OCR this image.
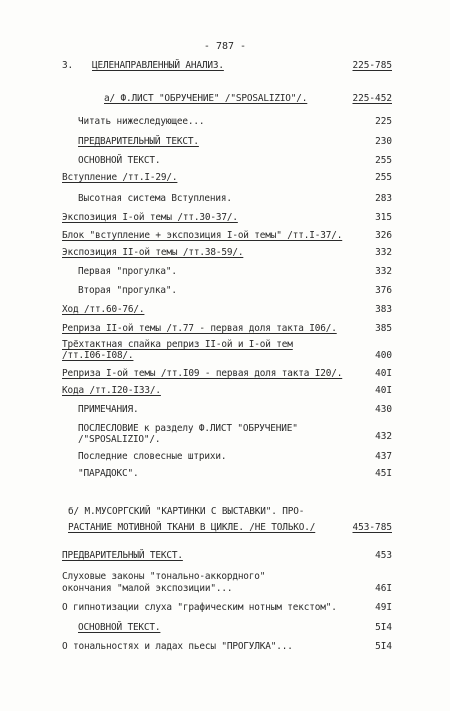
- 787 -
3. ЦЕЛЕНАПРАВЛЕННЫЙ АНАЛИЗ.	225-785
а/ Ф.ЛИСТ "ОБРУЧЕНИЕ" /"SPOSALIZIO"/.	225-452
Читать нижеследующее...	225
ПРЕДВАРИТЕЛЬНЫЙ ТЕКСТ.	230
ОСНОВНОЙ ТЕКСТ.	255
Вступление /тт.I-29/.	255
Высотная система Вступления.	283
Экспозиция I-ой темы /тт.30-37/.	315
Блок "вступление + экспозиция I-ой темы" /тт.I-37/.	326
Экспозиция II-ой темы /тт.38-59/.	332
Первая "прогулка".	332
Вторая "прогулка".	376
Ход /тт.60-76/.	383
Реприза II-ой темы /т.77 - первая доля такта I06/.	385
Трёхтактная спайка реприз II-ой и I-ой тем
/тт.I06-I08/.	400
Реприза I-ой темы /тт.I09 - первая доля такта I20/.	40I
Кода /тт.I20-I33/.	40I
ПРИМЕЧАНИЯ.	430
ПОСЛЕСЛОВИЕ к разделу Ф.ЛИСТ "ОБРУЧЕНИЕ"
/"SPOSALIZIO"/.	432
Последние словесные штрихи.	437
"ПАРАДОКС".	45I
б/ М.МУСОРГСКИЙ "КАРТИНКИ С ВЫСТАВКИ". ПРО-
РАСТАНИЕ МОТИВНОЙ ТКАНИ В ЦИКЛЕ. /НЕ ТОЛЬКО./	453-785
ПРЕДВАРИТЕЛЬНЫЙ ТЕКСТ.	453
Слуховые законы "тонально-аккордного"
окончания "малой экспозиции"...	46I
О гипнотизации слуха "графическим нотным текстом".	49I
ОСНОВНОЙ ТЕКСТ.	5I4
О тональностях и ладах пьесы "ПРОГУЛКА"...	5I4
